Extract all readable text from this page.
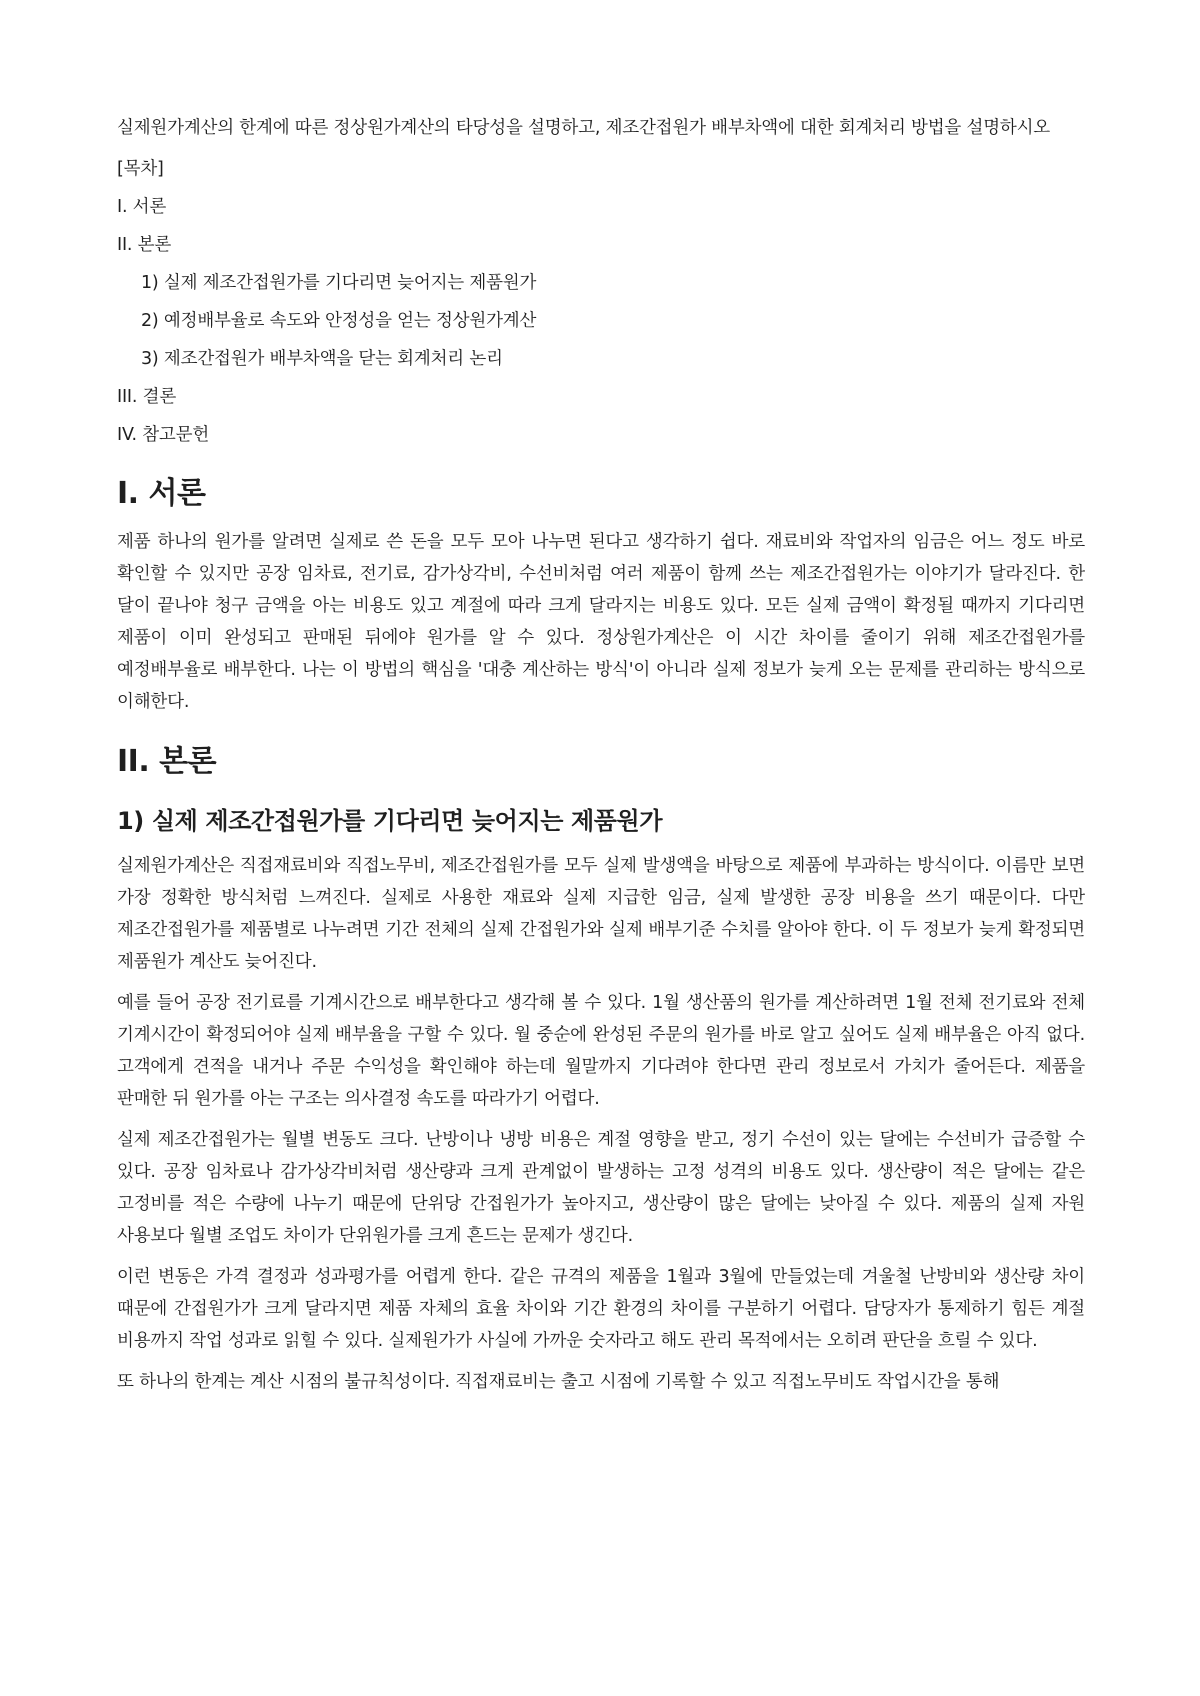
실제원가계산의 한계에 따른 정상원가계산의 타당성을 설명하고, 제조간접원가 배부차액에 대한 회계처리 방법을 설명하시오

[목차]
I. 서론
II. 본론
1) 실제 제조간접원가를 기다리면 늦어지는 제품원가
2) 예정배부율로 속도와 안정성을 얻는 정상원가계산
3) 제조간접원가 배부차액을 닫는 회계처리 논리
III. 결론
IV. 참고문헌
I. 서론

제품 하나의 원가를 알려면 실제로 쓴 돈을 모두 모아 나누면 된다고 생각하기 쉽다. 재료비와 작업자의 임금은 어느 정도 바로 확인할 수 있지만 공장 임차료, 전기료, 감가상각비, 수선비처럼 여러 제품이 함께 쓰는 제조간접원가는 이야기가 달라진다. 한 달이 끝나야 청구 금액을 아는 비용도 있고 계절에 따라 크게 달라지는 비용도 있다. 모든 실제 금액이 확정될 때까지 기다리면 제품이 이미 완성되고 판매된 뒤에야 원가를 알 수 있다. 정상원가계산은 이 시간 차이를 줄이기 위해 제조간접원가를 예정배부율로 배부한다. 나는 이 방법의 핵심을 '대충 계산하는 방식'이 아니라 실제 정보가 늦게 오는 문제를 관리하는 방식으로 이해한다.

II. 본론
1) 실제 제조간접원가를 기다리면 늦어지는 제품원가

실제원가계산은 직접재료비와 직접노무비, 제조간접원가를 모두 실제 발생액을 바탕으로 제품에 부과하는 방식이다. 이름만 보면 가장 정확한 방식처럼 느껴진다. 실제로 사용한 재료와 실제 지급한 임금, 실제 발생한 공장 비용을 쓰기 때문이다. 다만 제조간접원가를 제품별로 나누려면 기간 전체의 실제 간접원가와 실제 배부기준 수치를 알아야 한다. 이 두 정보가 늦게 확정되면 제품원가 계산도 늦어진다.

예를 들어 공장 전기료를 기계시간으로 배부한다고 생각해 볼 수 있다. 1월 생산품의 원가를 계산하려면 1월 전체 전기료와 전체 기계시간이 확정되어야 실제 배부율을 구할 수 있다. 월 중순에 완성된 주문의 원가를 바로 알고 싶어도 실제 배부율은 아직 없다. 고객에게 견적을 내거나 주문 수익성을 확인해야 하는데 월말까지 기다려야 한다면 관리 정보로서 가치가 줄어든다. 제품을 판매한 뒤 원가를 아는 구조는 의사결정 속도를 따라가기 어렵다.

실제 제조간접원가는 월별 변동도 크다. 난방이나 냉방 비용은 계절 영향을 받고, 정기 수선이 있는 달에는 수선비가 급증할 수 있다. 공장 임차료나 감가상각비처럼 생산량과 크게 관계없이 발생하는 고정 성격의 비용도 있다. 생산량이 적은 달에는 같은 고정비를 적은 수량에 나누기 때문에 단위당 간접원가가 높아지고, 생산량이 많은 달에는 낮아질 수 있다. 제품의 실제 자원 사용보다 월별 조업도 차이가 단위원가를 크게 흔드는 문제가 생긴다.

이런 변동은 가격 결정과 성과평가를 어렵게 한다. 같은 규격의 제품을 1월과 3월에 만들었는데 겨울철 난방비와 생산량 차이 때문에 간접원가가 크게 달라지면 제품 자체의 효율 차이와 기간 환경의 차이를 구분하기 어렵다. 담당자가 통제하기 힘든 계절 비용까지 작업 성과로 읽힐 수 있다. 실제원가가 사실에 가까운 숫자라고 해도 관리 목적에서는 오히려 판단을 흐릴 수 있다.

또 하나의 한계는 계산 시점의 불규칙성이다. 직접재료비는 출고 시점에 기록할 수 있고 직접노무비도 작업시간을 통해
